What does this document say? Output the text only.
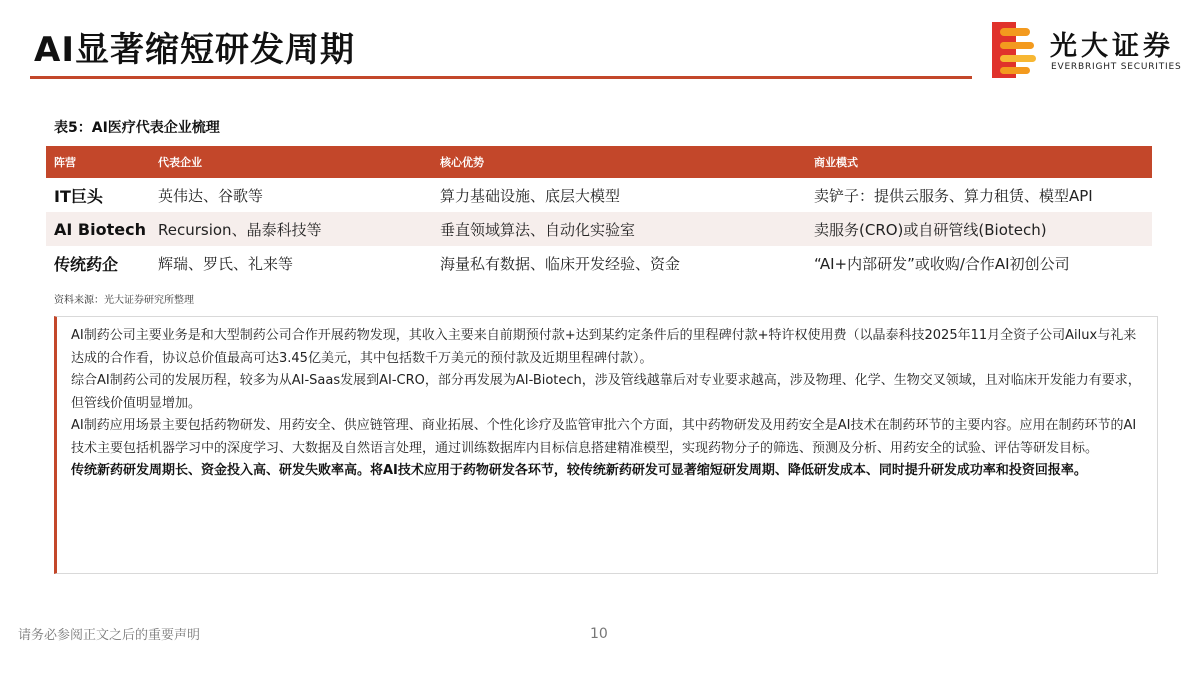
AI显著缩短研发周期	光大证券
EVERBRIGHT SECURITIES
表5：AI医疗代表企业梳理
阵营	代表企业	核心优势	商业模式
IT巨头	英伟达、谷歌等	算力基础设施、底层大模型	卖铲子：提供云服务、算力租赁、模型API
AI Biotech	Recursion、晶泰科技等	垂直领域算法、自动化实验室	卖服务(CRO)或自研管线(Biotech)
传统药企	辉瑞、罗氏、礼来等	海量私有数据、临床开发经验、资金	“AI+内部研发”或收购/合作AI初创公司
资料来源：光大证券研究所整理

AI制药公司主要业务是和大型制药公司合作开展药物发现，其收入主要来自前期预付款+达到某约定条件后的里程碑付款+特许权使用费（以晶泰科技2025年11月全资子公司Ailux与礼来达成的合作看，协议总价值最高可达3.45亿美元，其中包括数千万美元的预付款及近期里程碑付款）。

综合AI制药公司的发展历程，较多为从AI-Saas发展到AI-CRO，部分再发展为AI-Biotech，涉及管线越靠后对专业要求越高，涉及物理、化学、生物交叉领域，且对临床开发能力有要求，但管线价值明显增加。

AI制药应用场景主要包括药物研发、用药安全、供应链管理、商业拓展、个性化诊疗及监管审批六个方面，其中药物研发及用药安全是AI技术在制药环节的主要内容。应用在制药环节的AI技术主要包括机器学习中的深度学习、大数据及自然语言处理，通过训练数据库内目标信息搭建精准模型，实现药物分子的筛选、预测及分析、用药安全的试验、评估等研发目标。

传统新药研发周期长、资金投入高、研发失败率高。将AI技术应用于药物研发各环节，较传统新药研发可显著缩短研发周期、降低研发成本、同时提升研发成功率和投资回报率。

请务必参阅正文之后的重要声明	10
